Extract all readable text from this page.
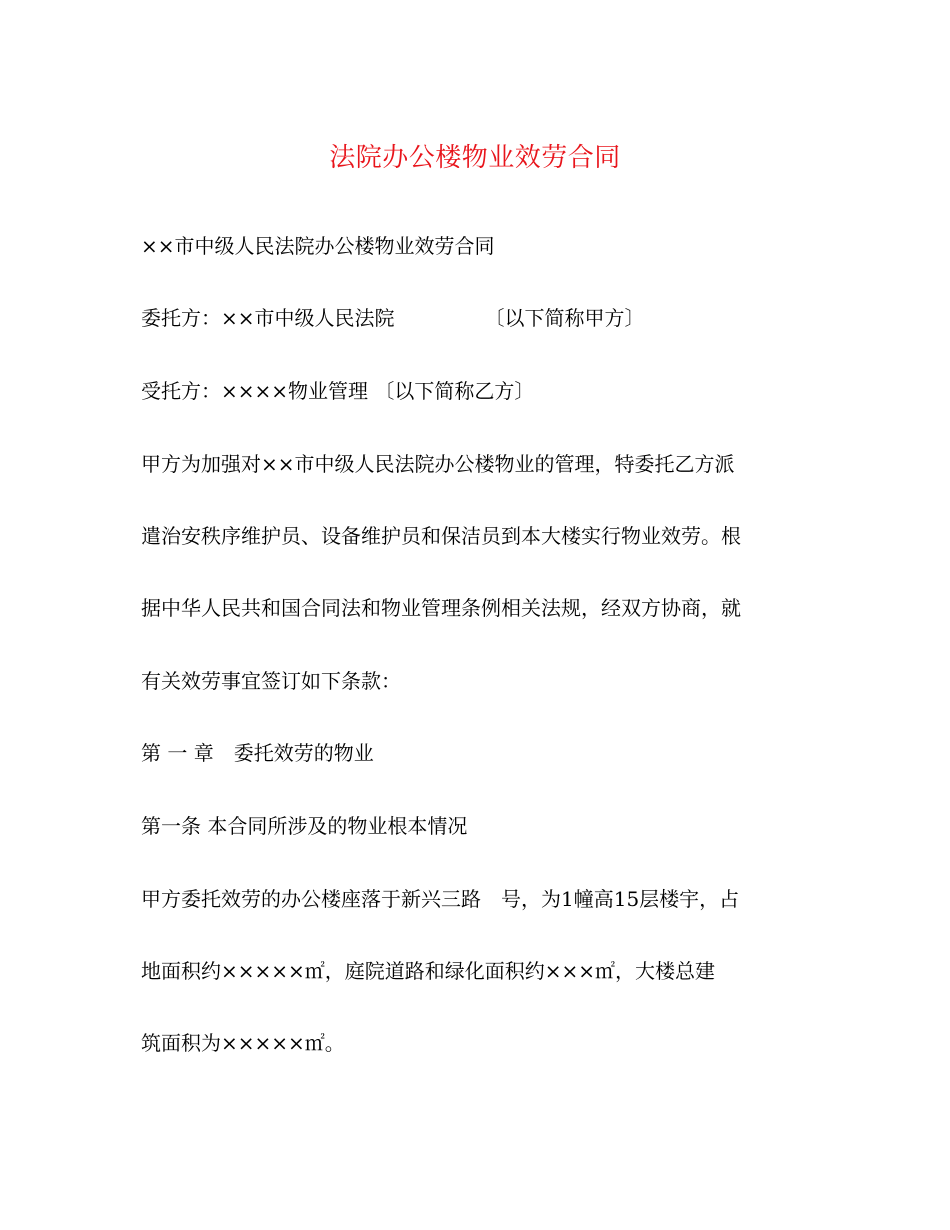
法院办公楼物业效劳合同
××市中级人民法院办公楼物业效劳合同
委托方：××市中级人民法院　　　　　〔以下简称甲方〕
受托方：××××物业管理 〔以下简称乙方〕
甲方为加强对××市中级人民法院办公楼物业的管理，特委托乙方派
遣治安秩序维护员、设备维护员和保洁员到本大楼实行物业效劳。根
据中华人民共和国合同法和物业管理条例相关法规，经双方协商，就
有关效劳事宜签订如下条款：
第 一 章　委托效劳的物业
第一条 本合同所涉及的物业根本情况
甲方委托效劳的办公楼座落于新兴三路　号，为1幢高15层楼宇，占
地面积约×××××㎡，庭院道路和绿化面积约×××㎡，大楼总建
筑面积为×××××㎡。
